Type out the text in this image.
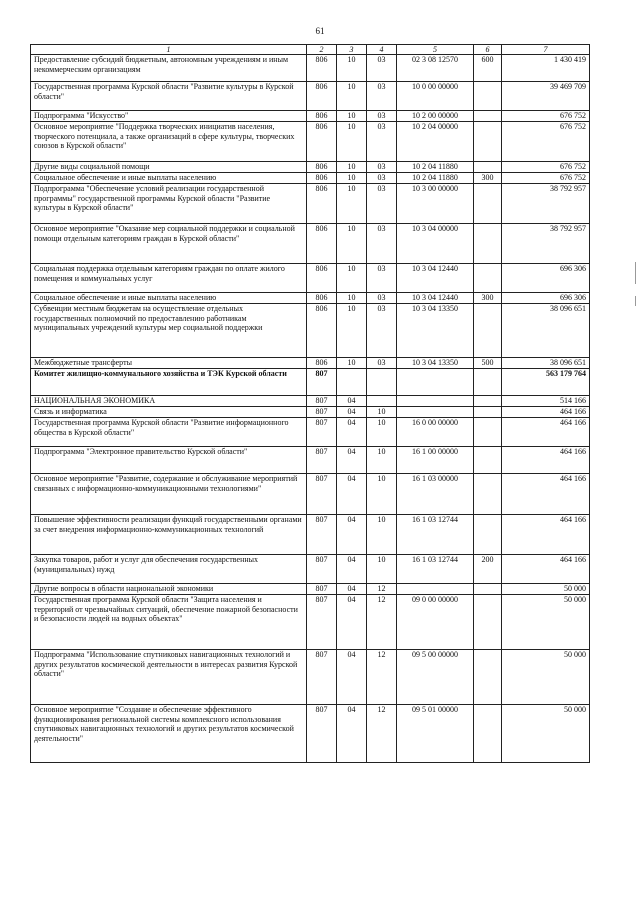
61
1	2	3	4	5	6	7
Предоставление субсидий бюджетным, автономным учреждениям и иным некоммерческим организациям	806	10	03	02 3 08 12570	600	1 430 419
Государственная программа Курской области "Развитие культуры в Курской области"	806	10	03	10 0 00 00000		39 469 709
Подпрограмма "Искусство"	806	10	03	10 2 00 00000		676 752
Основное мероприятие "Поддержка творческих инициатив населения, творческого потенциала, а также организаций в сфере культуры, творческих союзов в Курской области"	806	10	03	10 2 04 00000		676 752
Другие виды социальной помощи	806	10	03	10 2 04 11880		676 752
Социальное обеспечение и иные выплаты населению	806	10	03	10 2 04 11880	300	676 752
Подпрограмма "Обеспечение условий реализации государственной программы" государственной программы Курской области "Развитие культуры в Курской области"	806	10	03	10 3 00 00000		38 792 957
Основное мероприятие "Оказание мер социальной поддержки и социальной помощи отдельным категориям граждан в Курской области"	806	10	03	10 3 04 00000		38 792 957
Социальная поддержка отдельным категориям граждан по оплате жилого помещения и коммунальных услуг	806	10	03	10 3 04 12440		696 306
Социальное обеспечение и иные выплаты населению	806	10	03	10 3 04 12440	300	696 306
Субвенции местным бюджетам на осуществление отдельных государственных полномочий по предоставлению работникам муниципальных учреждений культуры мер социальной поддержки	806	10	03	10 3 04 13350		38 096 651
Межбюджетные трансферты	806	10	03	10 3 04 13350	500	38 096 651
Комитет жилищно-коммунального хозяйства и ТЭК Курской области	807					563 179 764
НАЦИОНАЛЬНАЯ ЭКОНОМИКА	807	04				514 166
Связь и информатика	807	04	10			464 166
Государственная программа Курской области "Развитие информационного общества в Курской области"	807	04	10	16 0 00 00000		464 166
Подпрограмма "Электронное правительство Курской области"	807	04	10	16 1 00 00000		464 166
Основное мероприятие "Развитие, содержание и обслуживание мероприятий связанных с информационно-коммуникационными технологиями"	807	04	10	16 1 03 00000		464 166
Повышение эффективности реализации функций государственными органами за счет внедрения информационно-коммуникационных технологий	807	04	10	16 1 03 12744		464 166
Закупка товаров, работ и услуг для обеспечения государственных (муниципальных) нужд	807	04	10	16 1 03 12744	200	464 166
Другие вопросы в области национальной экономики	807	04	12			50 000
Государственная программа Курской области "Защита населения и территорий от чрезвычайных ситуаций, обеспечение пожарной безопасности и безопасности людей на водных объектах"	807	04	12	09 0 00 00000		50 000
Подпрограмма "Использование спутниковых навигационных технологий и других результатов космической деятельности в интересах развития Курской области"	807	04	12	09 5 00 00000		50 000
Основное мероприятие "Создание и обеспечение эффективного функционирования региональной системы комплексного использования спутниковых навигационных технологий и других результатов космической деятельности"	807	04	12	09 5 01 00000		50 000
